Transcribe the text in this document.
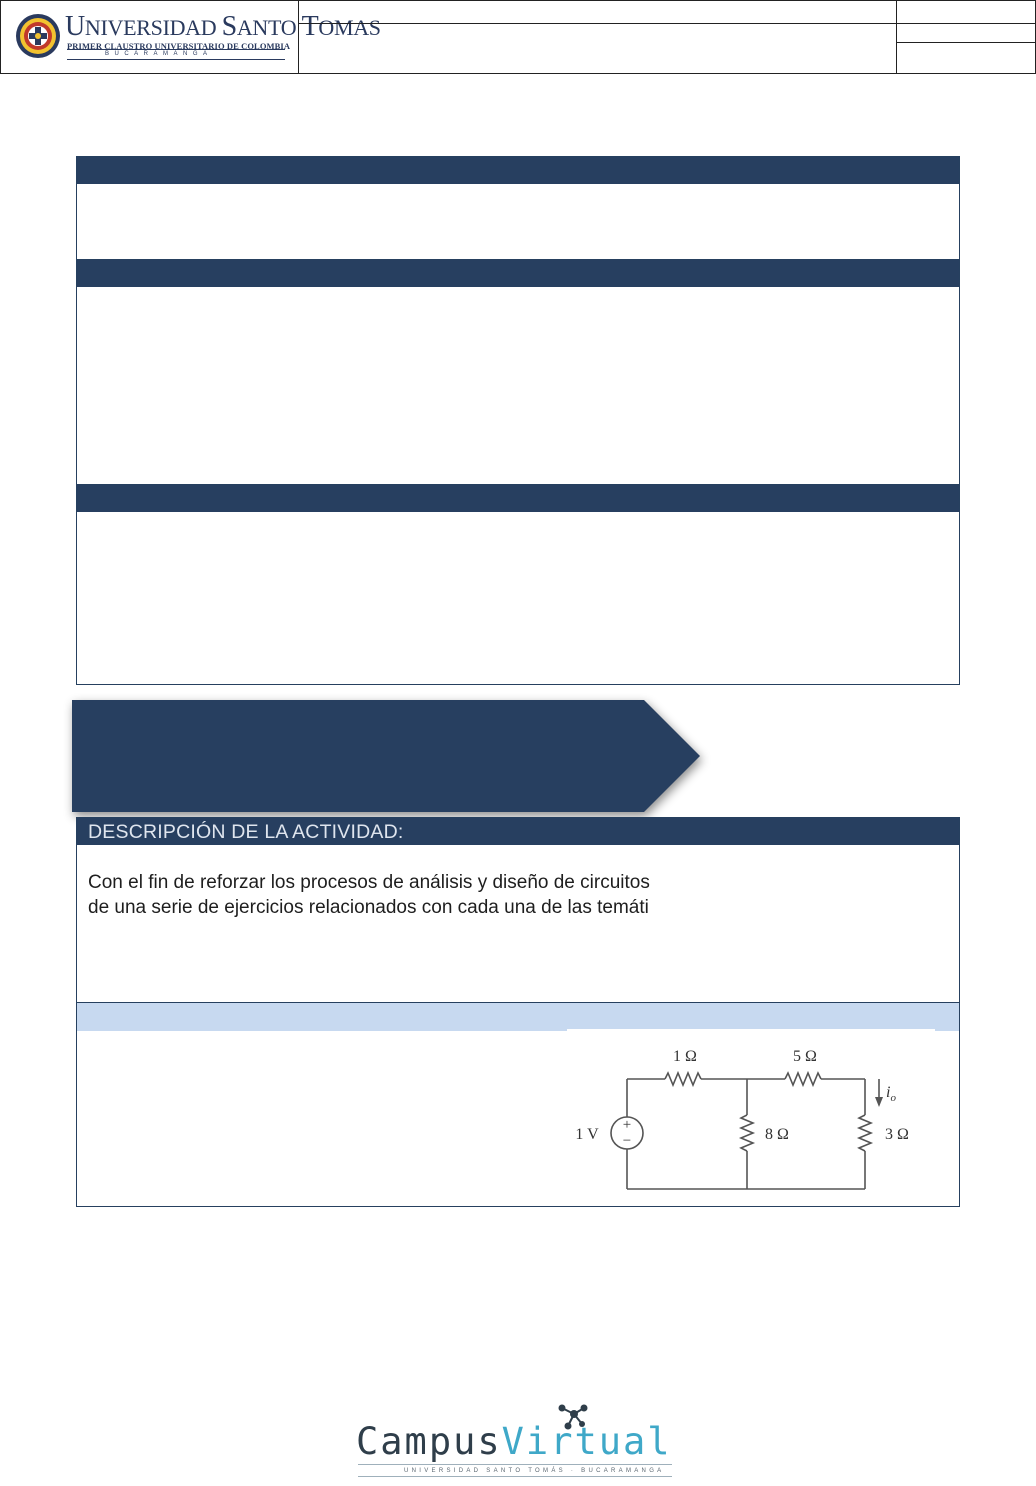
UNIVERSIDAD SANTO TOMAS
PRIMER CLAUSTRO UNIVERSITARIO DE COLOMBIA
BUCARAMANGA
DESCRIPCIÓN DE LA ACTIVIDAD:

Con el fin de reforzar los procesos de análisis y diseño de circuitos

de una serie de ejercicios relacionados con cada una de las temáti

+
−
1 Ω	5 Ω
8 Ω	3 Ω
1 V
$i_o$
CampusVirtual
UNIVERSIDAD SANTO TOMÁS · BUCARAMANGA
